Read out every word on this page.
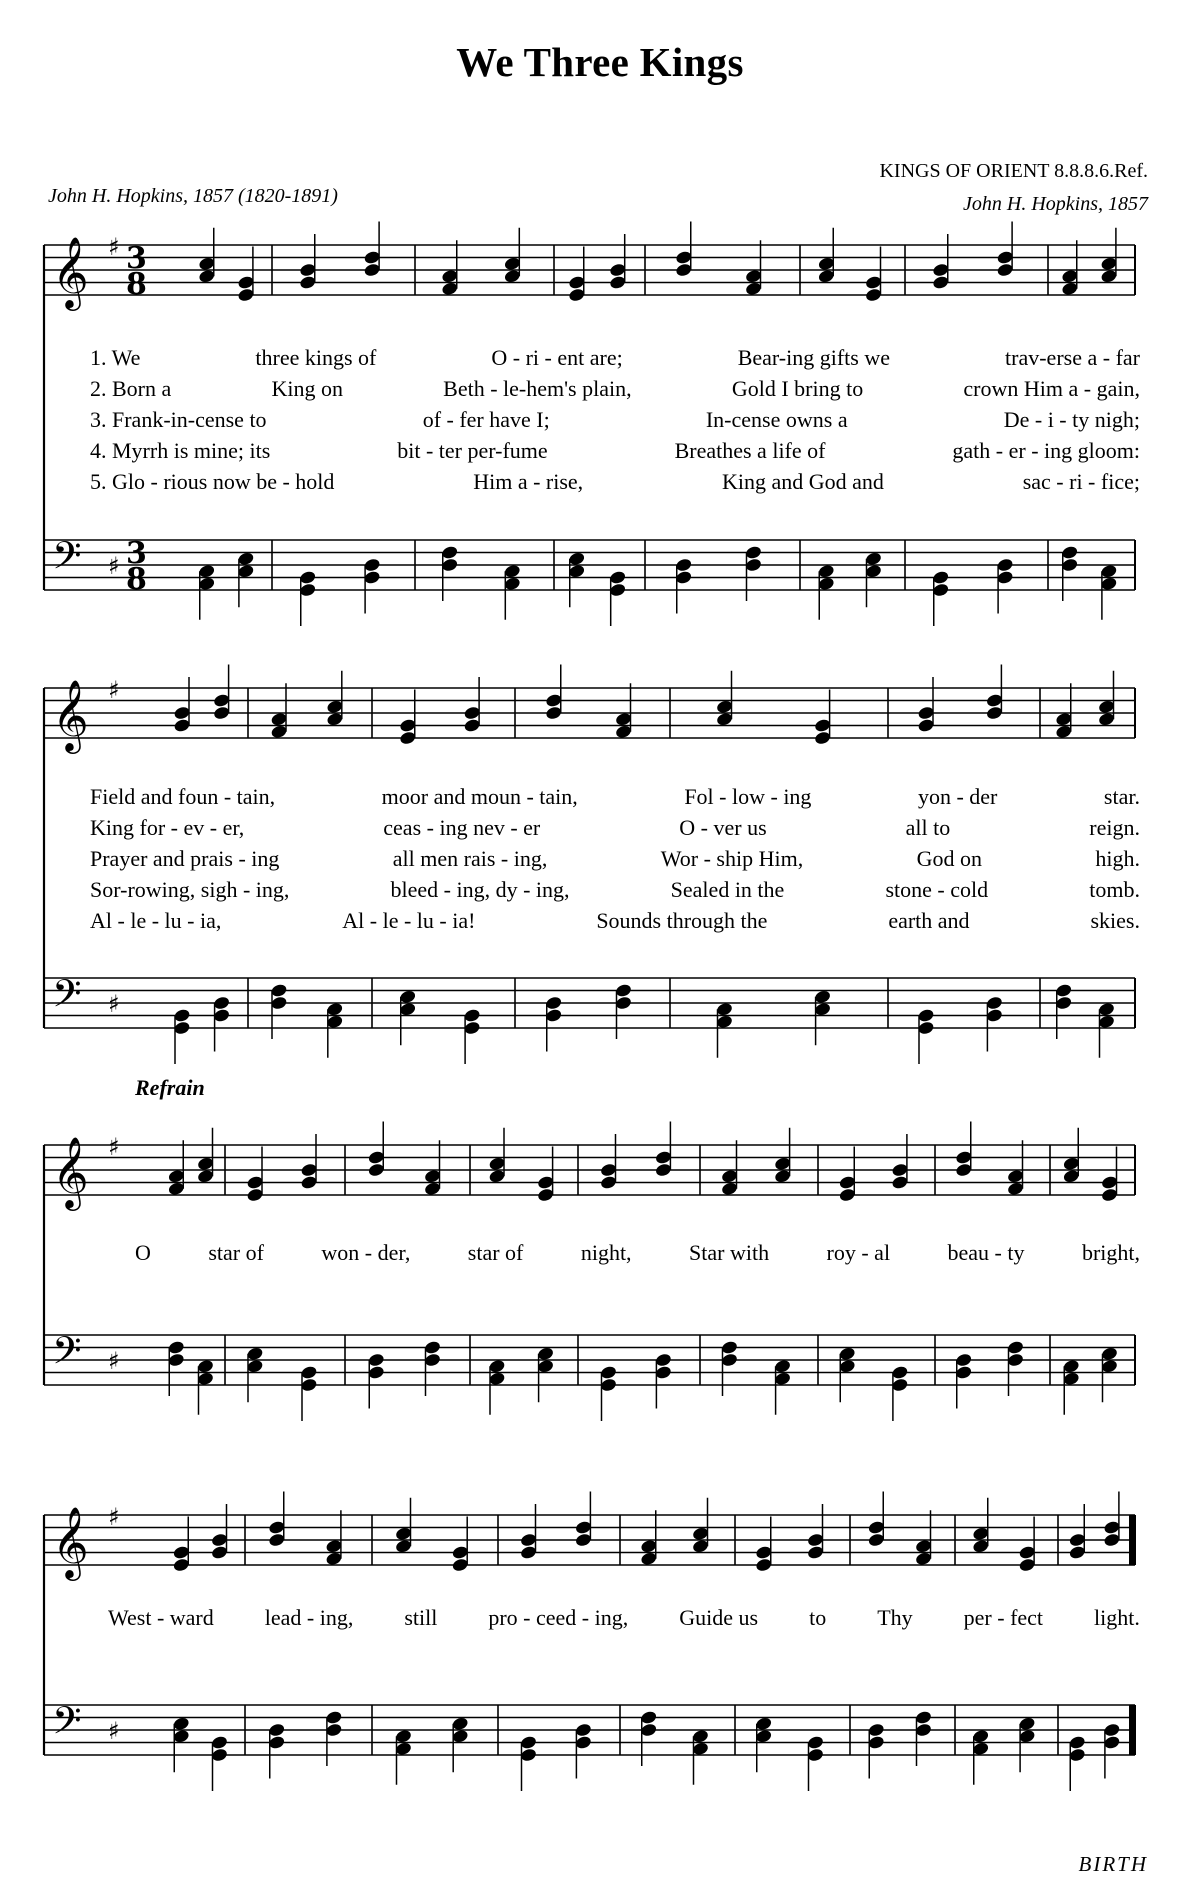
We Three Kings
KINGS OF ORIENT 8.8.8.6.Ref.
John H. Hopkins, 1857 (1820-1891)	John H. Hopkins, 1857
𝄞 ♯ 3
8
𝄢 ♯ 3
8
𝄞 ♯
𝄢 ♯
𝄞 ♯
𝄢 ♯
𝄞 ♯
𝄢 ♯
1. We	three kings of	O - ri - ent are;	Bear-ing gifts we	trav-erse a - far
2. Born a	King on	Beth - le-hem's plain,	Gold I bring to	crown Him a - gain,
3. Frank-in-cense to	of - fer have I;	In-cense owns a	De - i - ty nigh;
4. Myrrh is mine; its	bit - ter per-fume	Breathes a life of	gath - er - ing gloom:
5. Glo - rious now be - hold	Him a - rise,	King and God and	sac - ri - fice;
Field and foun - tain,	moor and moun - tain,	Fol - low - ing	yon - der	star.
King for - ev - er,	ceas - ing nev - er	O - ver us	all to	reign.
Prayer and prais - ing	all men rais - ing,	Wor - ship Him,	God on	high.
Sor-rowing, sigh - ing,	bleed - ing, dy - ing,	Sealed in the	stone - cold	tomb.
Al - le - lu - ia,	Al - le - lu - ia!	Sounds through the	earth and	skies.
Refrain
O	star of	won - der,	star of	night,	Star with	roy - al	beau - ty	bright,
West - ward lead - ing, still pro - ceed - ing, Guide us to Thy per - fect light.
BIRTH
